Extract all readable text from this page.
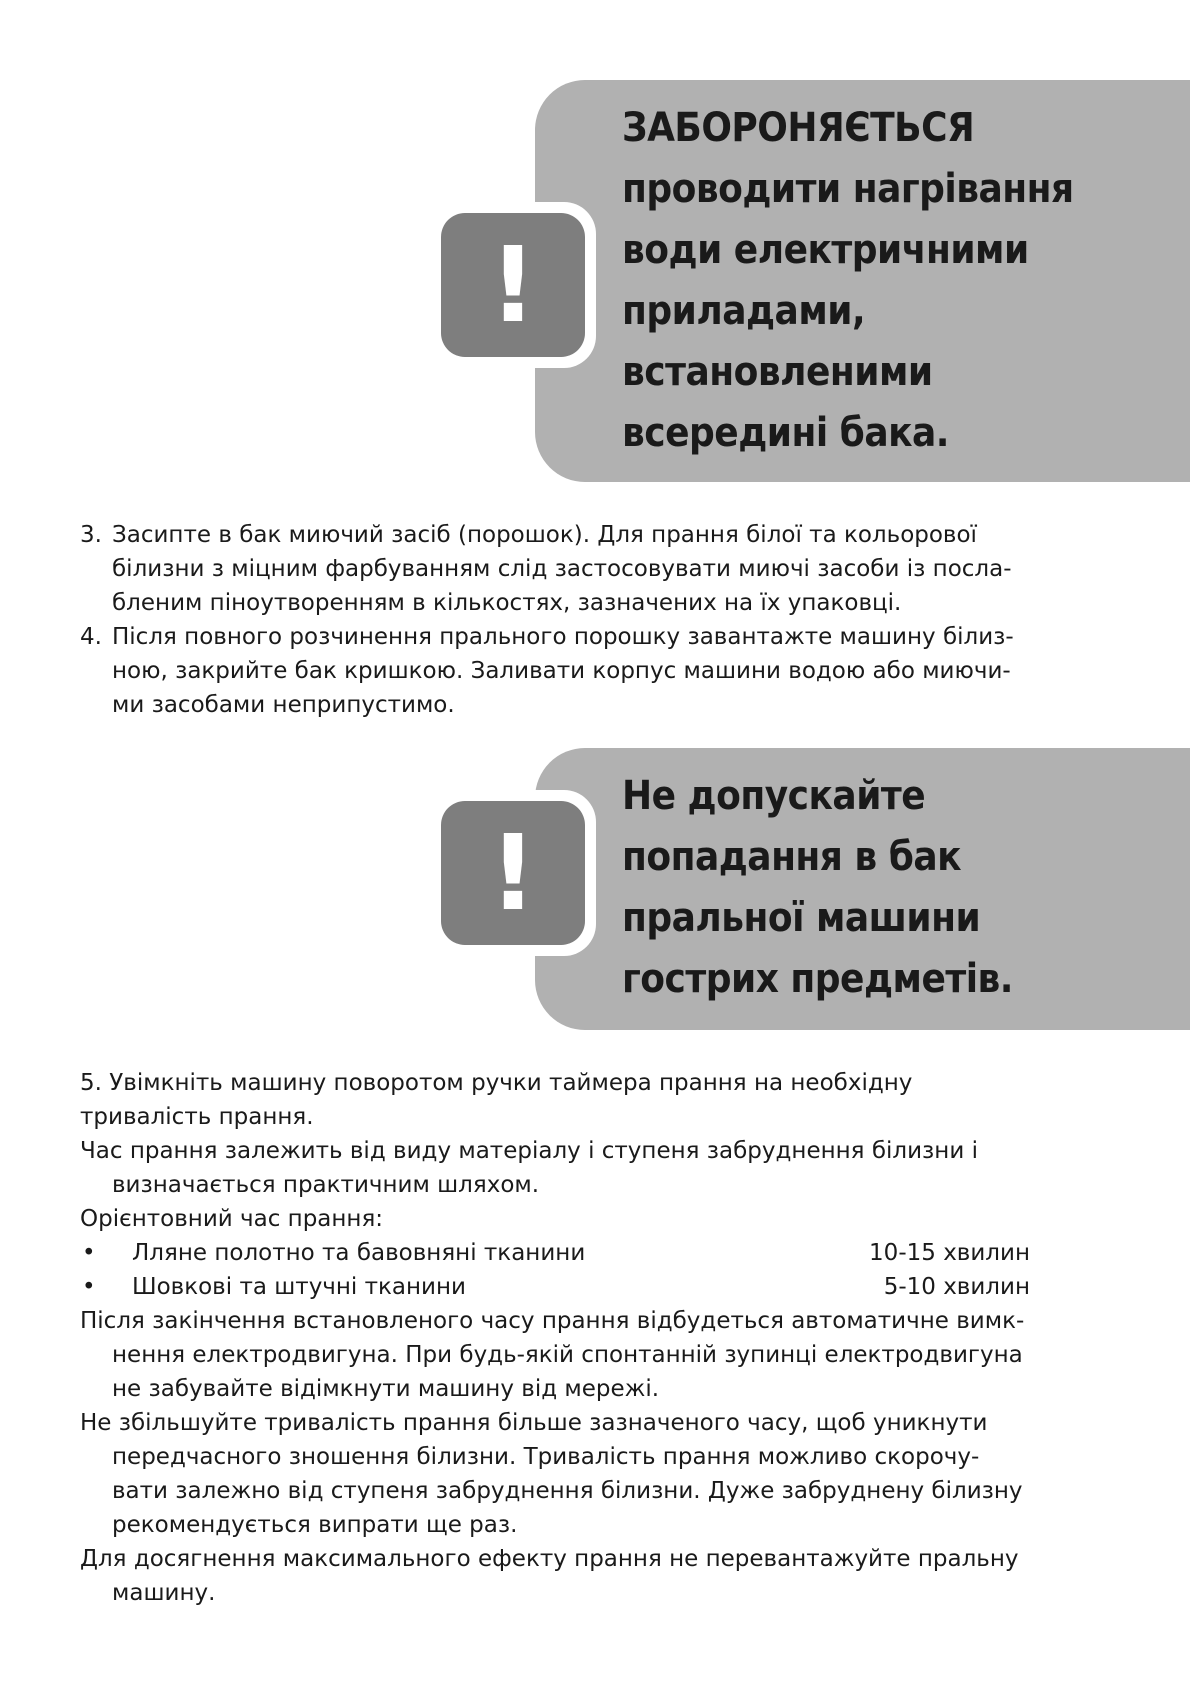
!
ЗАБОРОНЯЄТЬСЯ
проводити нагрівання
води електричними
приладами,
встановленими
всередині бака.
3. Засипте в бак миючий засіб (порошок). Для прання білої та кольорової
білизни з міцним фарбуванням слід застосовувати миючі засоби із посла-
бленим піноутворенням в кількостях, зазначених на їх упаковці.
4. Після повного розчинення прального порошку завантажте машину білиз-
ною, закрийте бак кришкою. Заливати корпус машини водою або миючи-
ми засобами неприпустимо.
!
Не допускайте
попадання в бак
пральної машини
гострих предметів.
5. Увімкніть машину поворотом ручки таймера прання на необхідну
тривалість прання.
Час прання залежить від виду матеріалу і ступеня забруднення білизни і
визначається практичним шляхом.
Орієнтовний час прання:
• Лляне полотно та бавовняні тканини	10-15 хвилин
• Шовкові та штучні тканини	5-10 хвилин
Після закінчення встановленого часу прання відбудеться автоматичне вимк-
нення електродвигуна. При будь-якій спонтанній зупинці електродвигуна
не забувайте відімкнути машину від мережі.
Не збільшуйте тривалість прання більше зазначеного часу, щоб уникнути
передчасного зношення білизни. Тривалість прання можливо скорочу-
вати залежно від ступеня забруднення білизни. Дуже забруднену білизну
рекомендується випрати ще раз.
Для досягнення максимального ефекту прання не перевантажуйте пральну
машину.
